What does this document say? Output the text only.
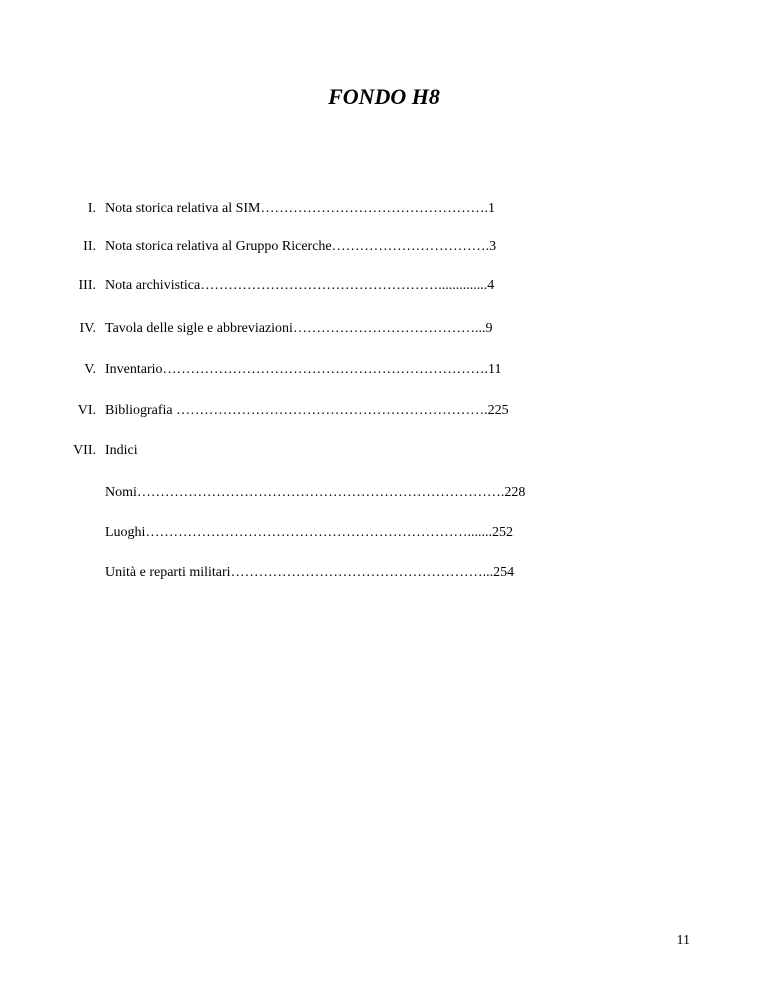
FONDO H8
I. Nota storica relativa al SIM………………………………………….1
II. Nota storica relativa al Gruppo Ricerche…………………………….3
III. Nota archivistica……………………………………………..............4
IV. Tavola delle sigle e abbreviazioni…………………………………...9
V. Inventario…………………………………………………………….11
VI. Bibliografia ………………………………………………………….225
VII. Indici
Nomi…………………………………………………………………….228
Luoghi…………………………………………………………….......252
Unità e reparti militari………………………………………………...254
11
